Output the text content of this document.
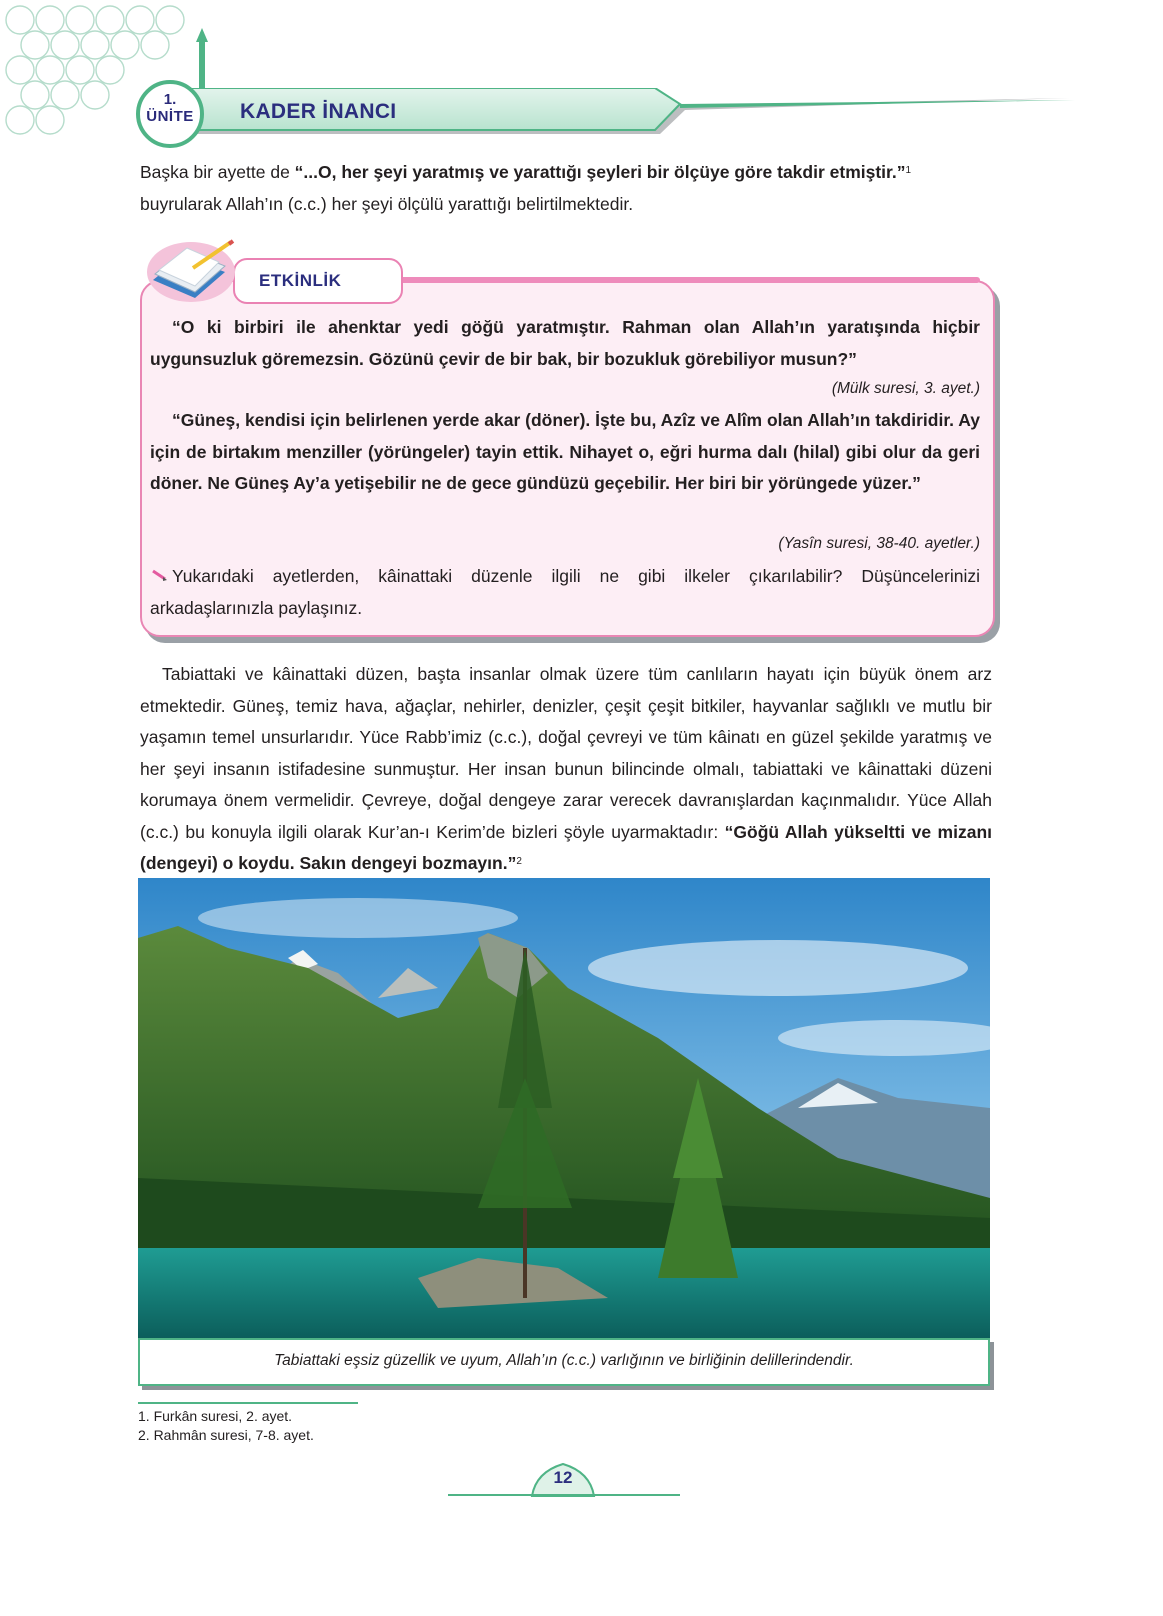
1.
ÜNİTE KADER İNANCI
Başka bir ayette de “...O, her şeyi yaratmış ve yarattığı şeyleri bir ölçüye göre takdir etmiştir.”$^1$
buyrularak Allah’ın (c.c.) her şeyi ölçülü yarattığı belirtilmektedir.
ETKİNLİK
“O ki birbiri ile ahenktar yedi göğü yaratmıştır. Rahman olan Allah’ın yaratışında hiçbir uygunsuzluk göremezsin. Gözünü çevir de bir bak, bir bozukluk görebiliyor musun?”
(Mülk suresi, 3. ayet.)
“Güneş, kendisi için belirlenen yerde akar (döner). İşte bu, Azîz ve Alîm olan Allah’ın takdiridir. Ay için de birtakım menziller (yörüngeler) tayin ettik. Nihayet o, eğri hurma dalı (hilal) gibi olur da geri döner. Ne Güneş Ay’a yetişebilir ne de gece gündüzü geçebilir. Her biri bir yörüngede yüzer.”
(Yasîn suresi, 38-40. ayetler.)
Yukarıdaki ayetlerden, kâinattaki düzenle ilgili ne gibi ilkeler çıkarılabilir? Düşüncelerinizi arkadaşlarınızla paylaşınız.
Tabiattaki ve kâinattaki düzen, başta insanlar olmak üzere tüm canlıların hayatı için büyük önem arz etmektedir. Güneş, temiz hava, ağaçlar, nehirler, denizler, çeşit çeşit bitkiler, hayvanlar sağlıklı ve mutlu bir yaşamın temel unsurlarıdır. Yüce Rabb’imiz (c.c.), doğal çevreyi ve tüm kâinatı en güzel şekilde yaratmış ve her şeyi insanın istifadesine sunmuştur. Her insan bunun bilincinde olmalı, tabiattaki ve kâinattaki düzeni korumaya önem vermelidir. Çevreye, doğal dengeye zarar verecek davranışlardan kaçınmalıdır. Yüce Allah (c.c.) bu konuyla ilgili olarak Kur’an-ı Kerim’de bizleri şöyle uyarmaktadır: “Göğü Allah yükseltti ve mizanı (dengeyi) o koydu. Sakın dengeyi bozmayın.”$^2$
Tabiattaki eşsiz güzellik ve uyum, Allah’ın (c.c.) varlığının ve birliğinin delillerindendir.
1. Furkân suresi, 2. ayet.
2. Rahmân suresi, 7-8. ayet.
12
